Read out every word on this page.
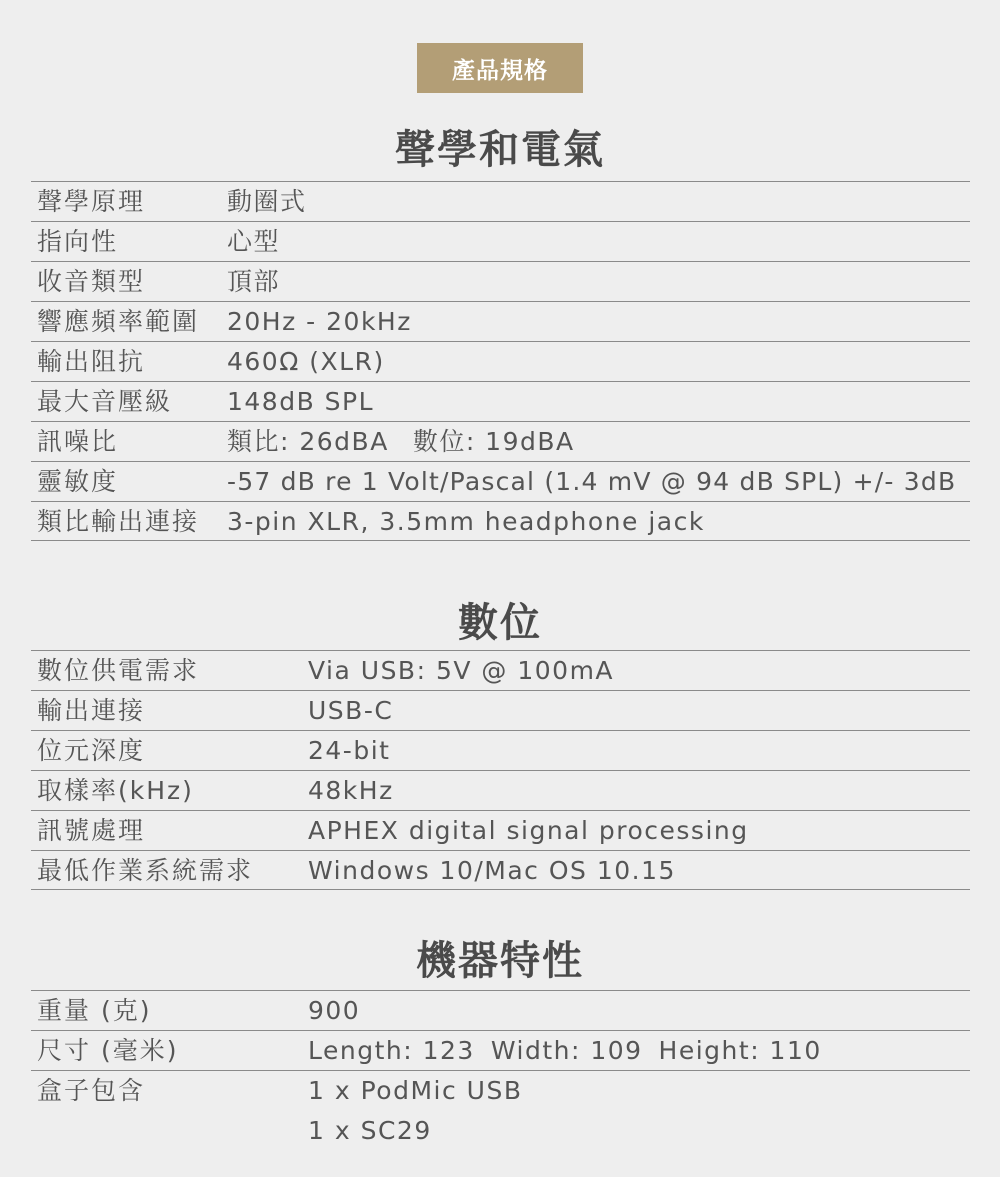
產品規格
聲學和電氣
聲學原理	動圈式
指向性	心型
收音類型	頂部
響應頻率範圍 20Hz - 20kHz
輸出阻抗	460Ω (XLR)
最大音壓級 148dB SPL
訊噪比	類比: 26dBA 數位: 19dBA
靈敏度	-57 dB re 1 Volt/Pascal (1.4 mV @ 94 dB SPL) +/- 3dB
類比輸出連接 3-pin XLR, 3.5mm headphone jack
數位
數位供電需求	Via USB: 5V @ 100mA
輸出連接	USB-C
位元深度	24-bit
取樣率(kHz)	48kHz
訊號處理	APHEX digital signal processing
最低作業系統需求 Windows 10/Mac OS 10.15
機器特性
重量 (克)	900
尺寸 (毫米)	Length: 123 Width: 109 Height: 110
盒子包含	1 x PodMic USB
1 x SC29
